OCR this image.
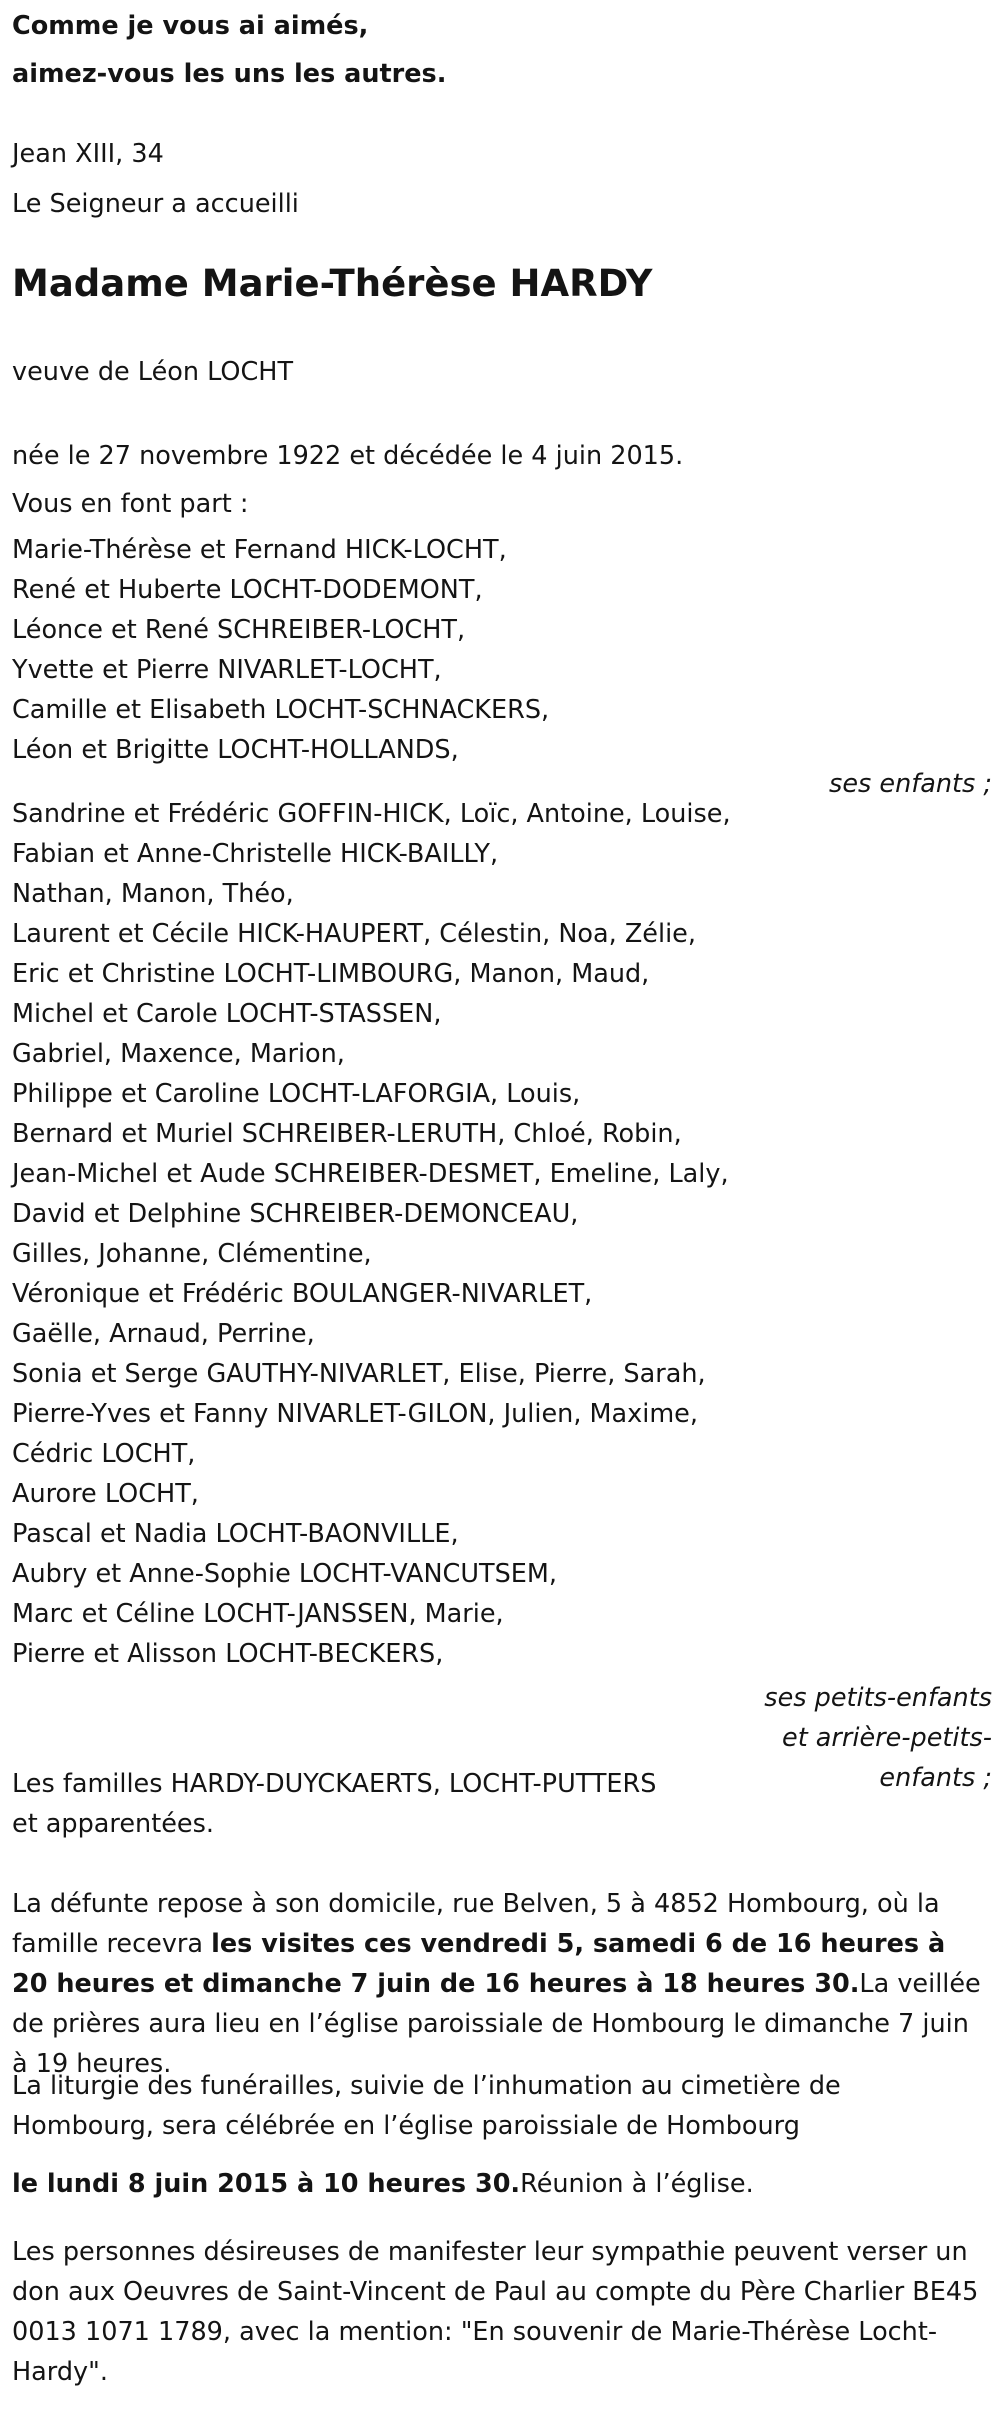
Comme je vous ai aimés,
aimez-vous les uns les autres.
Jean XIII, 34
Le Seigneur a accueilli
Madame Marie-Thérèse HARDY
veuve de Léon LOCHT
née le 27 novembre 1922 et décédée le 4 juin 2015.
Vous en font part :
Marie-Thérèse et Fernand HICK-LOCHT,
René et Huberte LOCHT-DODEMONT,
Léonce et René SCHREIBER-LOCHT,
Yvette et Pierre NIVARLET-LOCHT,
Camille et Elisabeth LOCHT-SCHNACKERS,
Léon et Brigitte LOCHT-HOLLANDS,
ses enfants ;
Sandrine et Frédéric GOFFIN-HICK, Loïc, Antoine, Louise,
Fabian et Anne-Christelle HICK-BAILLY,
Nathan, Manon, Théo,
Laurent et Cécile HICK-HAUPERT, Célestin, Noa, Zélie,
Eric et Christine LOCHT-LIMBOURG, Manon, Maud,
Michel et Carole LOCHT-STASSEN,
Gabriel, Maxence, Marion,
Philippe et Caroline LOCHT-LAFORGIA, Louis,
Bernard et Muriel SCHREIBER-LERUTH, Chloé, Robin,
Jean-Michel et Aude SCHREIBER-DESMET, Emeline, Laly,
David et Delphine SCHREIBER-DEMONCEAU,
Gilles, Johanne, Clémentine,
Véronique et Frédéric BOULANGER-NIVARLET,
Gaëlle, Arnaud, Perrine,
Sonia et Serge GAUTHY-NIVARLET, Elise, Pierre, Sarah,
Pierre-Yves et Fanny NIVARLET-GILON, Julien, Maxime,
Cédric LOCHT,
Aurore LOCHT,
Pascal et Nadia LOCHT-BAONVILLE,
Aubry et Anne-Sophie LOCHT-VANCUTSEM,
Marc et Céline LOCHT-JANSSEN, Marie,
Pierre et Alisson LOCHT-BECKERS,
ses petits-enfants
et arrière-petits-
enfants ;
Les familles HARDY-DUYCKAERTS, LOCHT-PUTTERS
et apparentées.
La défunte repose à son domicile, rue Belven, 5 à 4852 Hombourg, où la famille recevra les visites ces vendredi 5, samedi 6 de 16 heures à 20 heures et dimanche 7 juin de 16 heures à 18 heures 30.La veillée de prières aura lieu en l’église paroissiale de Hombourg le dimanche 7 juin à 19 heures.
La liturgie des funérailles, suivie de l’inhumation au cimetière de Hombourg, sera célébrée en l’église paroissiale de Hombourg
le lundi 8 juin 2015 à 10 heures 30.Réunion à l’église.
Les personnes désireuses de manifester leur sympathie peuvent verser un don aux Oeuvres de Saint-Vincent de Paul au compte du Père Charlier BE45 0013 1071 1789, avec la mention: "En souvenir de Marie-Thérèse Locht-Hardy".
